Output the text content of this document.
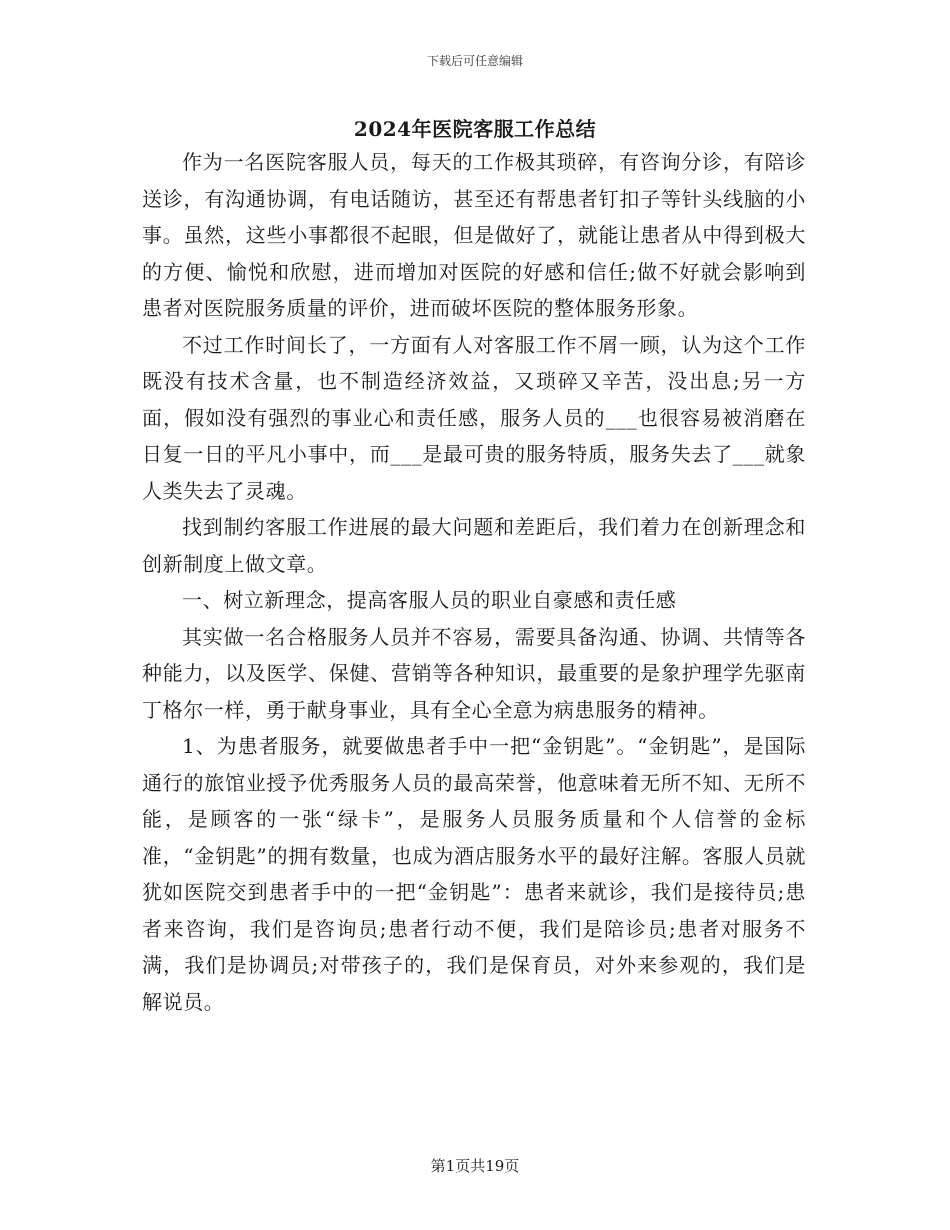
下载后可任意编辑
2024年医院客服工作总结

作为一名医院客服人员，每天的工作极其琐碎，有咨询分诊，有陪诊送诊，有沟通协调，有电话随访，甚至还有帮患者钉扣子等针头线脑的小事。虽然，这些小事都很不起眼，但是做好了，就能让患者从中得到极大的方便、愉悦和欣慰，进而增加对医院的好感和信任;做不好就会影响到患者对医院服务质量的评价，进而破坏医院的整体服务形象。

不过工作时间长了，一方面有人对客服工作不屑一顾，认为这个工作既没有技术含量，也不制造经济效益，又琐碎又辛苦，没出息;另一方面，假如没有强烈的事业心和责任感，服务人员的___也很容易被消磨在日复一日的平凡小事中，而___是最可贵的服务特质，服务失去了___就象人类失去了灵魂。

找到制约客服工作进展的最大问题和差距后，我们着力在创新理念和创新制度上做文章。

一、树立新理念，提高客服人员的职业自豪感和责任感

其实做一名合格服务人员并不容易，需要具备沟通、协调、共情等各种能力，以及医学、保健、营销等各种知识，最重要的是象护理学先驱南丁格尔一样，勇于献身事业，具有全心全意为病患服务的精神。

1、为患者服务，就要做患者手中一把“金钥匙”。“金钥匙”，是国际通行的旅馆业授予优秀服务人员的最高荣誉，他意味着无所不知、无所不能，是顾客的一张“绿卡”，是服务人员服务质量和个人信誉的金标准，“金钥匙”的拥有数量，也成为酒店服务水平的最好注解。客服人员就犹如医院交到患者手中的一把“金钥匙”：患者来就诊，我们是接待员;患者来咨询，我们是咨询员;患者行动不便，我们是陪诊员;患者对服务不满，我们是协调员;对带孩子的，我们是保育员，对外来参观的，我们是解说员。

第1页共19页
